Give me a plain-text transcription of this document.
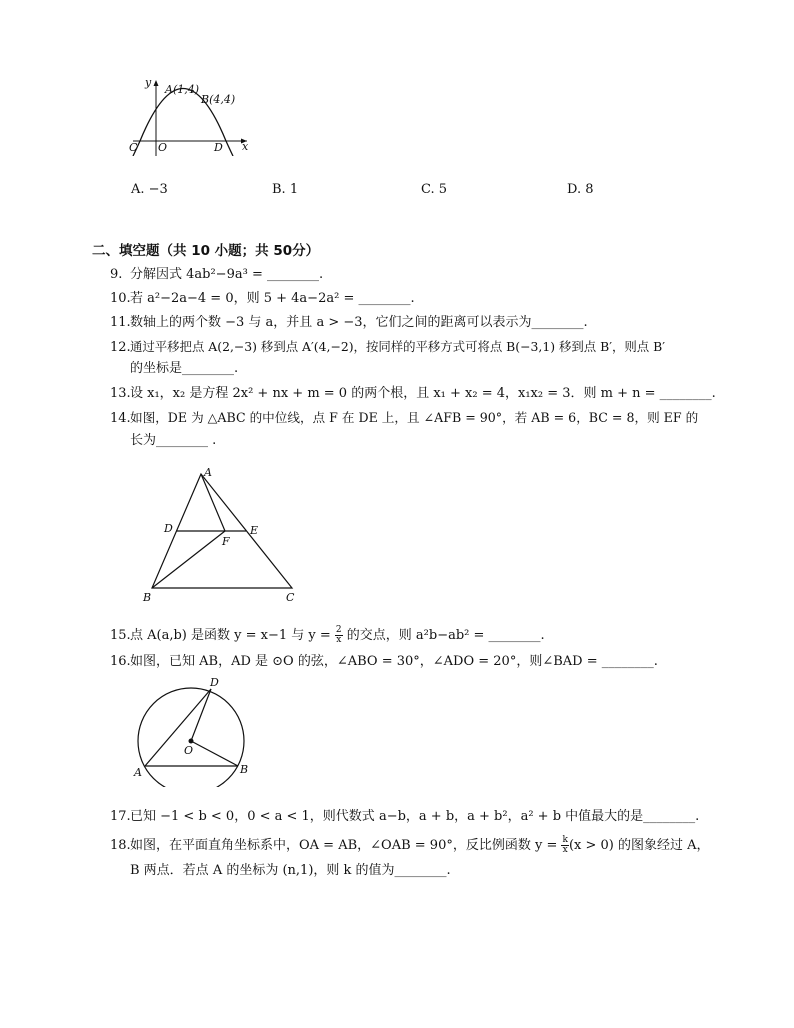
y
x
A(1,4)
B(4,4)
C O	D
A. −3	B. 1	C. 5	D. 8
二、填空题（共 10 小题；共 50分）
9. 分解因式 4ab²−9a³ = ________.
10.若 a²−2a−4 = 0，则 5 + 4a−2a² = ________.
11.数轴上的两个数 −3 与 a，并且 a > −3，它们之间的距离可以表示为________.
12.通过平移把点 A(2,−3) 移到点 A′(4,−2)，按同样的平移方式可将点 B(−3,1) 移到点 B′，则点 B′
的坐标是________.
13.设 x₁，x₂ 是方程 2x² + nx + m = 0 的两个根，且 x₁ + x₂ = 4，x₁x₂ = 3．则 m + n = ________.
14.如图，DE 为 △ABC 的中位线，点 F 在 DE 上，且 ∠AFB = 90°，若 AB = 6，BC = 8，则 EF 的
长为________ .
A
B	C
D	E
F
15.点 A(a,b) 是函数 y = x−1 与 $y = \frac{2}{x}$ 的交点，则 a²b−ab² = ________.
16.如图，已知 AB，AD 是 ⊙O 的弦，∠ABO = 30°，∠ADO = 20°，则∠BAD = ________.
D
A	B
O
17.已知 −1 < b < 0，0 < a < 1，则代数式 a−b，a + b，a + b²，a² + b 中值最大的是________.
18.如图，在平面直角坐标系中，OA = AB，∠OAB = 90°，反比例函数 $y = \frac{k}{x} (x > 0)$ 的图象经过 A，
B 两点．若点 A 的坐标为 (n,1)，则 k 的值为________.
